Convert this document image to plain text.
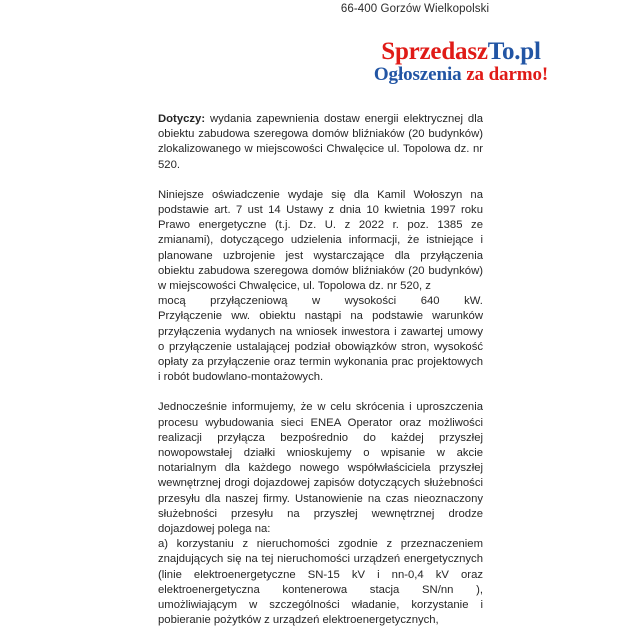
66-400 Gorzów Wielkopolski
SprzedaszTo.pl
Ogłoszenia za darmo!

Dotyczy: wydania zapewnienia dostaw energii elektrycznej dla obiektu zabudowa szeregowa domów bliźniaków (20 budynków) zlokalizowanego w miejscowości Chwalęcice ul. Topolowa dz. nr 520.

Niniejsze oświadczenie wydaje się dla Kamil Wołoszyn na podstawie art. 7 ust 14 Ustawy z dnia 10 kwietnia 1997 roku Prawo energetyczne (t.j. Dz. U. z 2022 r. poz. 1385 ze zmianami), dotyczącego udzielenia informacji, że istniejące i planowane uzbrojenie jest wystarczające dla przyłączenia obiektu zabudowa szeregowa domów bliźniaków (20 budynków) w miejscowości Chwalęcice, ul. Topolowa dz. nr 520, z

mocą przyłączeniową w wysokości 640 kW.

Przyłączenie ww. obiektu nastąpi na podstawie warunków przyłączenia wydanych na wniosek inwestora i zawartej umowy o przyłączenie ustalającej podział obowiązków stron, wysokość opłaty za przyłączenie oraz termin wykonania prac projektowych i robót budowlano-montażowych.

Jednocześnie informujemy, że w celu skrócenia i uproszczenia procesu wybudowania sieci ENEA Operator oraz możliwości realizacji przyłącza bezpośrednio do każdej przyszłej nowopowstałej działki wnioskujemy o wpisanie w akcie notarialnym dla każdego nowego współwłaściciela przyszłej wewnętrznej drogi dojazdowej zapisów dotyczących służebności przesyłu dla naszej firmy. Ustanowienie na czas nieoznaczony służebności przesyłu na przyszłej wewnętrznej drodze dojazdowej polega na:

a) korzystaniu z nieruchomości zgodnie z przeznaczeniem znajdujących się na tej nieruchomości urządzeń energetycznych (linie elektroenergetyczne SN-15 kV i nn-0,4 kV oraz elektroenergetyczna kontenerowa stacja SN/nn ), umożliwiającym w szczególności władanie, korzystanie i pobieranie pożytków z urządzeń elektroenergetycznych,
